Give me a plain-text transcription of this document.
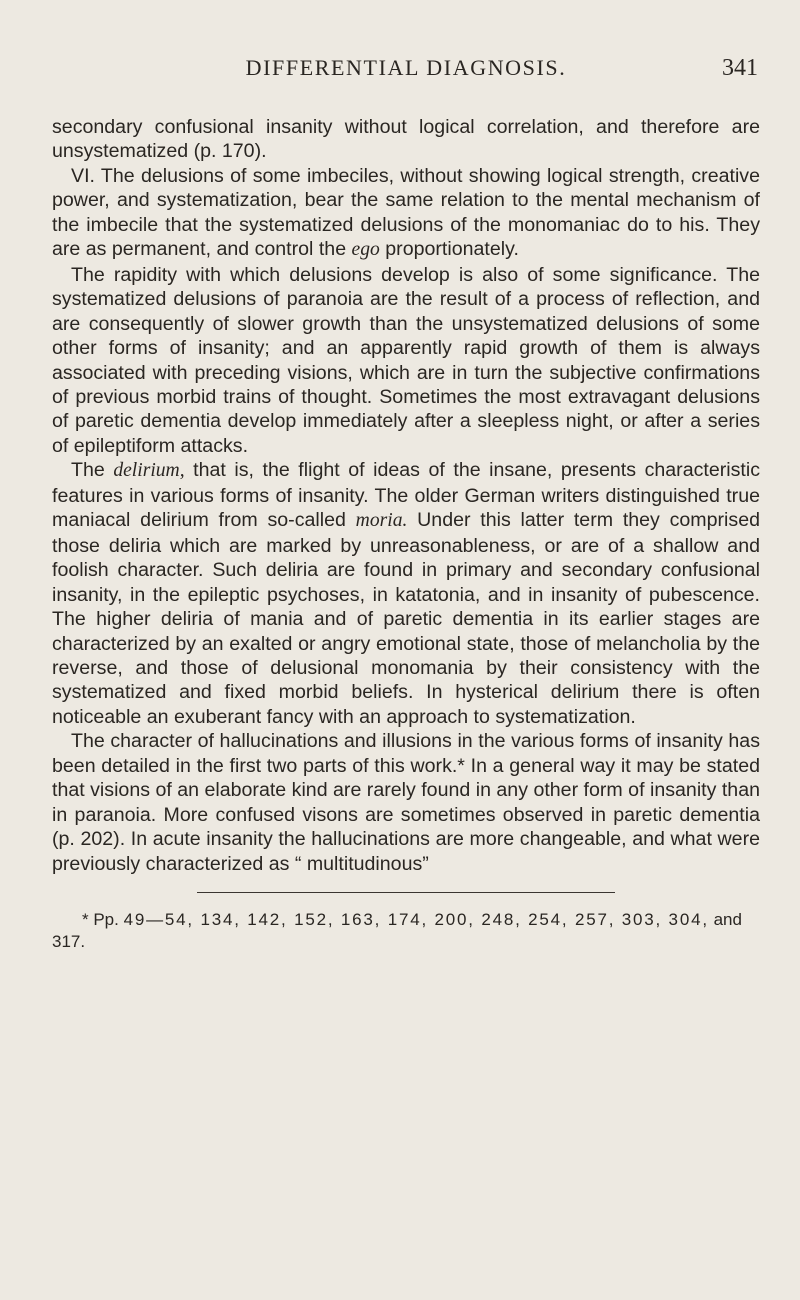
DIFFERENTIAL DIAGNOSIS.	341

secondary confusional insanity without logical correlation, and therefore are unsystematized (p. 170).

VI. The delusions of some imbeciles, without showing logical strength, creative power, and systematization, bear the same relation to the mental mechanism of the imbecile that the systematized delusions of the monomaniac do to his. They are as permanent, and control the ego proportionately.

The rapidity with which delusions develop is also of some significance. The systematized delusions of paranoia are the result of a process of reflection, and are consequently of slower growth than the unsystematized delusions of some other forms of insanity; and an apparently rapid growth of them is always associated with preceding visions, which are in turn the subjective confirmations of previous morbid trains of thought. Sometimes the most extravagant delusions of paretic dementia develop immediately after a sleepless night, or after a series of epileptiform attacks.

The delirium, that is, the flight of ideas of the insane, presents characteristic features in various forms of insanity. The older German writers distinguished true maniacal delirium from so-called moria. Under this latter term they comprised those deliria which are marked by unreasonableness, or are of a shallow and foolish character. Such deliria are found in primary and secondary confusional insanity, in the epileptic psychoses, in katatonia, and in insanity of pubescence. The higher deliria of mania and of paretic dementia in its earlier stages are characterized by an exalted or angry emotional state, those of melancholia by the reverse, and those of delusional monomania by their consistency with the systematized and fixed morbid beliefs. In hysterical delirium there is often noticeable an exuberant fancy with an approach to systematization.

The character of hallucinations and illusions in the various forms of insanity has been detailed in the first two parts of this work.* In a general way it may be stated that visions of an elaborate kind are rarely found in any other form of insanity than in paranoia. More confused visons are sometimes observed in paretic dementia (p. 202). In acute insanity the hallucinations are more changeable, and what were previously characterized as “ multitudinous”

* Pp. 49—54, 134, 142, 152, 163, 174, 200, 248, 254, 257, 303, 304, and 317.
